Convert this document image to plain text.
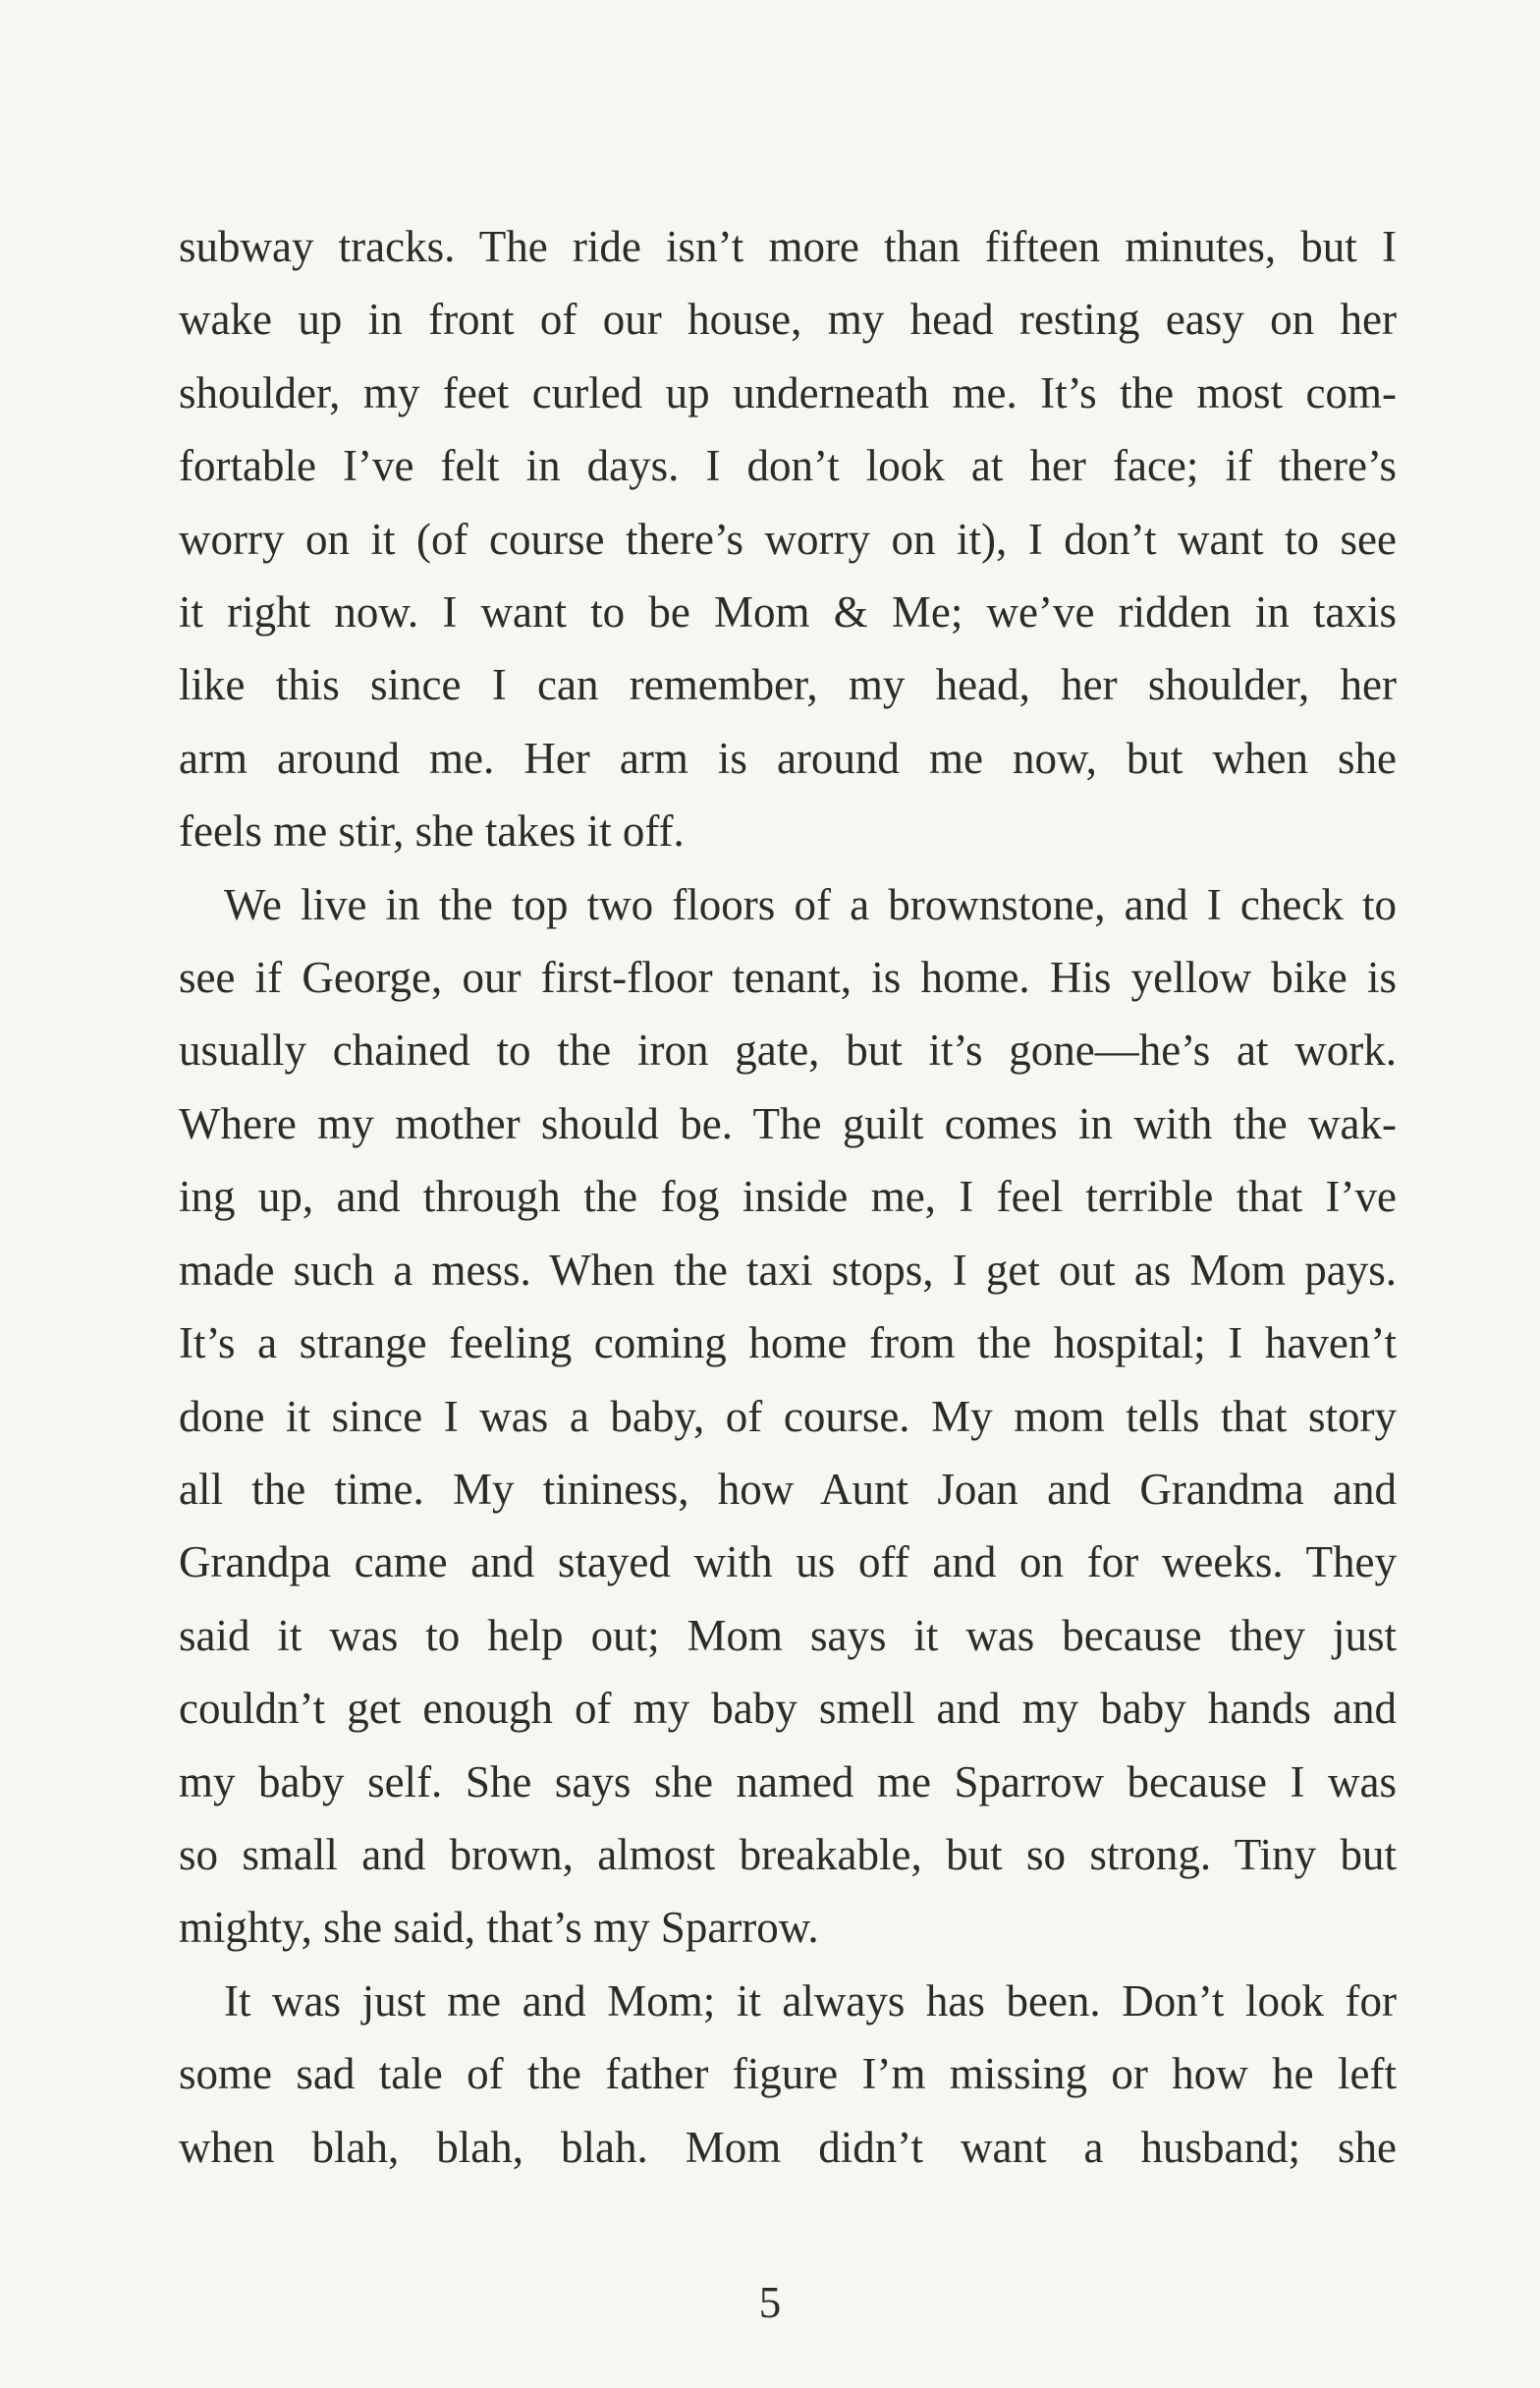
subway tracks. The ride isn’t more than fifteen minutes, but I
wake up in front of our house, my head resting easy on her
shoulder, my feet curled up underneath me. It’s the most com-
fortable I’ve felt in days. I don’t look at her face; if there’s
worry on it (of course there’s worry on it), I don’t want to see
it right now. I want to be Mom & Me; we’ve ridden in taxis
like this since I can remember, my head, her shoulder, her
arm around me. Her arm is around me now, but when she
feels me stir, she takes it off.
We live in the top two floors of a brownstone, and I check to
see if George, our first-floor tenant, is home. His yellow bike is
usually chained to the iron gate, but it’s gone—he’s at work.
Where my mother should be. The guilt comes in with the wak-
ing up, and through the fog inside me, I feel terrible that I’ve
made such a mess. When the taxi stops, I get out as Mom pays.
It’s a strange feeling coming home from the hospital; I haven’t
done it since I was a baby, of course. My mom tells that story
all the time. My tininess, how Aunt Joan and Grandma and
Grandpa came and stayed with us off and on for weeks. They
said it was to help out; Mom says it was because they just
couldn’t get enough of my baby smell and my baby hands and
my baby self. She says she named me Sparrow because I was
so small and brown, almost breakable, but so strong. Tiny but
mighty, she said, that’s my Sparrow.
It was just me and Mom; it always has been. Don’t look for
some sad tale of the father figure I’m missing or how he left
when blah, blah, blah. Mom didn’t want a husband; she
5
